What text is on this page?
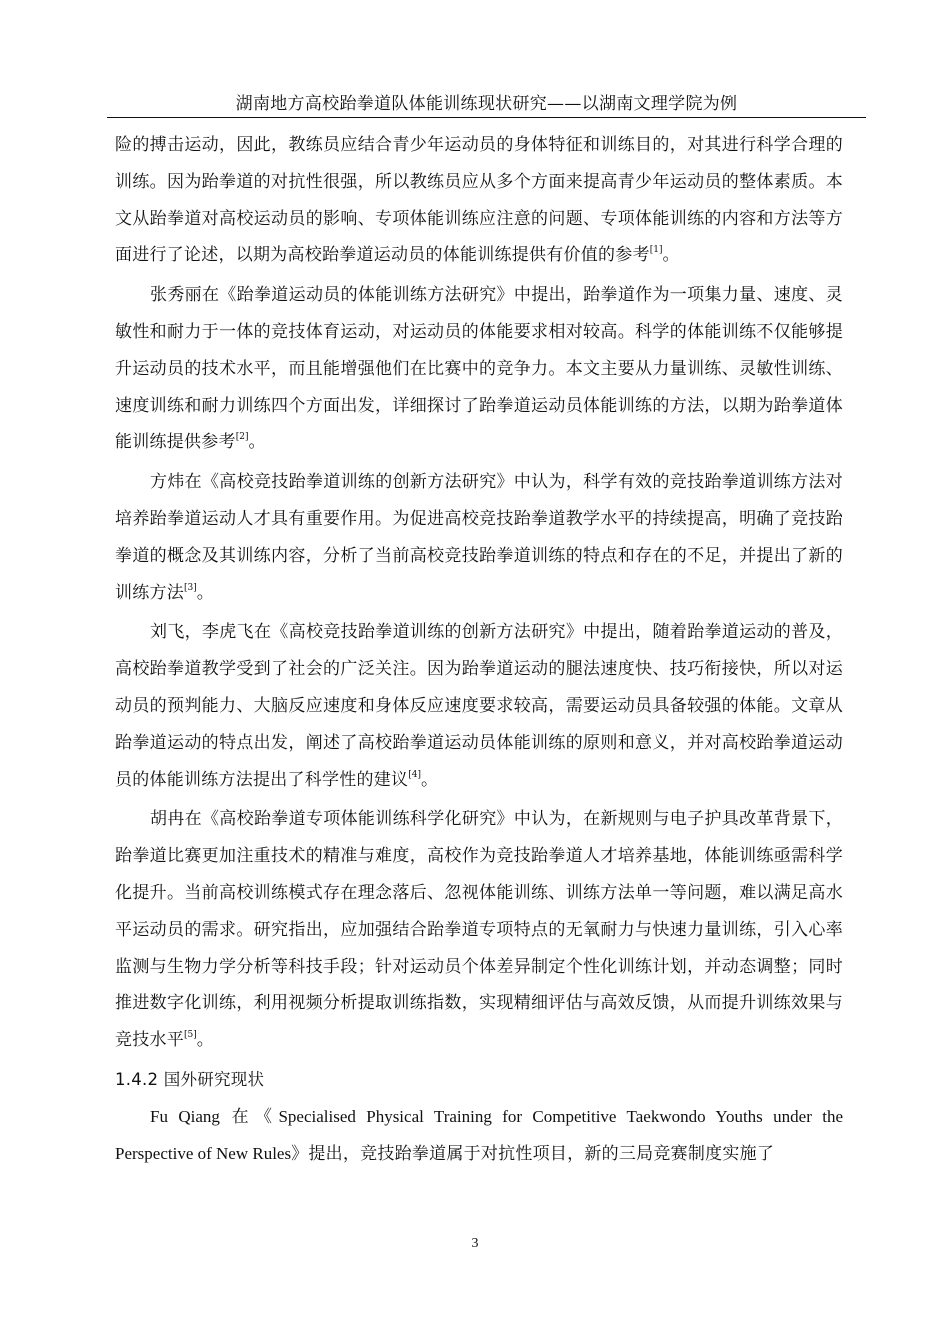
湖南地方高校跆拳道队体能训练现状研究——以湖南文理学院为例

险的搏击运动，因此，教练员应结合青少年运动员的身体特征和训练目的，对其进行科学合理的训练。因为跆拳道的对抗性很强，所以教练员应从多个方面来提高青少年运动员的整体素质。本文从跆拳道对高校运动员的影响、专项体能训练应注意的问题、专项体能训练的内容和方法等方面进行了论述，以期为高校跆拳道运动员的体能训练提供有价值的参考[1]。

张秀丽在《跆拳道运动员的体能训练方法研究》中提出，跆拳道作为一项集力量、速度、灵敏性和耐力于一体的竞技体育运动，对运动员的体能要求相对较高。科学的体能训练不仅能够提升运动员的技术水平，而且能增强他们在比赛中的竞争力。本文主要从力量训练、灵敏性训练、速度训练和耐力训练四个方面出发，详细探讨了跆拳道运动员体能训练的方法，以期为跆拳道体能训练提供参考[2]。

方炜在《高校竞技跆拳道训练的创新方法研究》中认为，科学有效的竞技跆拳道训练方法对培养跆拳道运动人才具有重要作用。为促进高校竞技跆拳道教学水平的持续提高，明确了竞技跆拳道的概念及其训练内容，分析了当前高校竞技跆拳道训练的特点和存在的不足，并提出了新的训练方法[3]。

刘飞，李虎飞在《高校竞技跆拳道训练的创新方法研究》中提出，随着跆拳道运动的普及，高校跆拳道教学受到了社会的广泛关注。因为跆拳道运动的腿法速度快、技巧衔接快，所以对运动员的预判能力、大脑反应速度和身体反应速度要求较高，需要运动员具备较强的体能。文章从跆拳道运动的特点出发，阐述了高校跆拳道运动员体能训练的原则和意义，并对高校跆拳道运动员的体能训练方法提出了科学性的建议[4]。

胡冉在《高校跆拳道专项体能训练科学化研究》中认为，在新规则与电子护具改革背景下，跆拳道比赛更加注重技术的精准与难度，高校作为竞技跆拳道人才培养基地，体能训练亟需科学化提升。当前高校训练模式存在理念落后、忽视体能训练、训练方法单一等问题，难以满足高水平运动员的需求。研究指出，应加强结合跆拳道专项特点的无氧耐力与快速力量训练，引入心率监测与生物力学分析等科技手段；针对运动员个体差异制定个性化训练计划，并动态调整；同时推进数字化训练，利用视频分析提取训练指数，实现精细评估与高效反馈，从而提升训练效果与竞技水平[5]。

1.4.2 国外研究现状

Fu Qiang 在《Specialised Physical Training for Competitive Taekwondo Youths under the Perspective of New Rules》提出，竞技跆拳道属于对抗性项目，新的三局竞赛制度实施了

3
